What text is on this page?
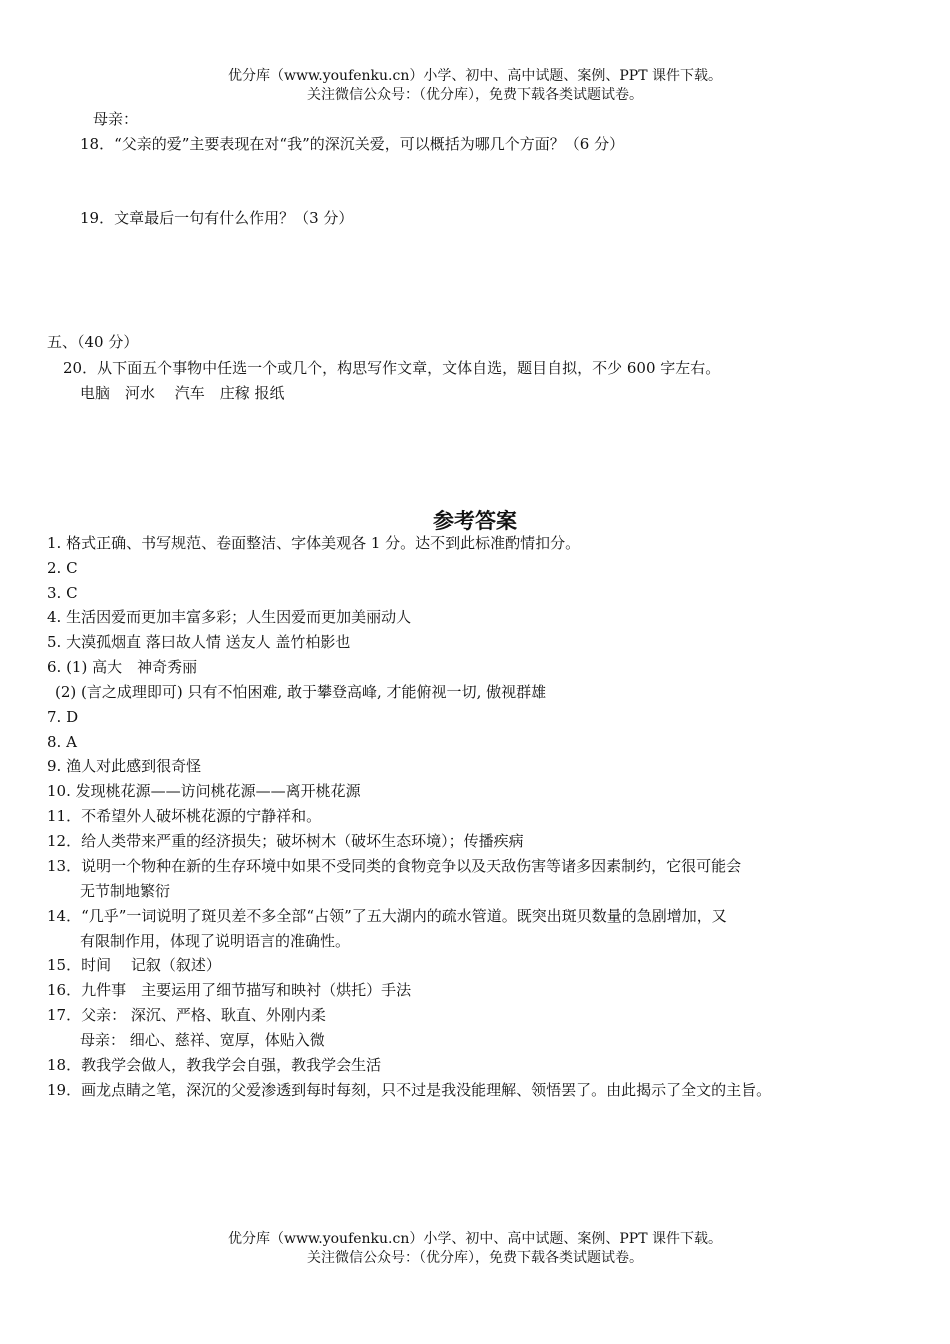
优分库（www.youfenku.cn）小学、初中、高中试题、案例、PPT 课件下载。
关注微信公众号：（优分库），免费下载各类试题试卷。
母亲：
18．“父亲的爱”主要表现在对“我”的深沉关爱，可以概括为哪几个方面？（6 分）
19．文章最后一句有什么作用？（3 分）
五、（40 分）
20．从下面五个事物中任选一个或几个，构思写作文章，文体自选，题目自拟，不少 600 字左右。
电脑　河水　 汽车　庄稼 报纸
参考答案
1. 格式正确、书写规范、卷面整洁、字体美观各 1 分。达不到此标准酌情扣分。
2. C
3. C
4. 生活因爱而更加丰富多彩；人生因爱而更加美丽动人
5. 大漠孤烟直 落曰故人情 送友人 盖竹柏影也
6. (1) 高大　神奇秀丽
(2) (言之成理即可) 只有不怕困难, 敢于攀登高峰, 才能俯视一切, 傲视群雄
7. D
8. A
9. 渔人对此感到很奇怪
10. 发现桃花源——访问桃花源——离开桃花源
11．不希望外人破坏桃花源的宁静祥和。
12．给人类带来严重的经济损失；破坏树木（破坏生态环境）；传播疾病
13．说明一个物种在新的生存环境中如果不受同类的食物竞争以及天敌伤害等诸多因素制约，它很可能会
无节制地繁衍
14．“几乎”一词说明了斑贝差不多全部“占领”了五大湖内的疏水管道。既突出斑贝数量的急剧增加，又
有限制作用，体现了说明语言的准确性。
15．时间　 记叙（叙述）
16．九件事　主要运用了细节描写和映衬（烘托）手法
17．父亲： 深沉、严格、耿直、外刚内柔
母亲： 细心、慈祥、宽厚，体贴入微
18．教我学会做人，教我学会自强，教我学会生活
19．画龙点睛之笔，深沉的父爱渗透到每时每刻，只不过是我没能理解、领悟罢了。由此揭示了全文的主旨。
优分库（www.youfenku.cn）小学、初中、高中试题、案例、PPT 课件下载。
关注微信公众号：（优分库），免费下载各类试题试卷。
